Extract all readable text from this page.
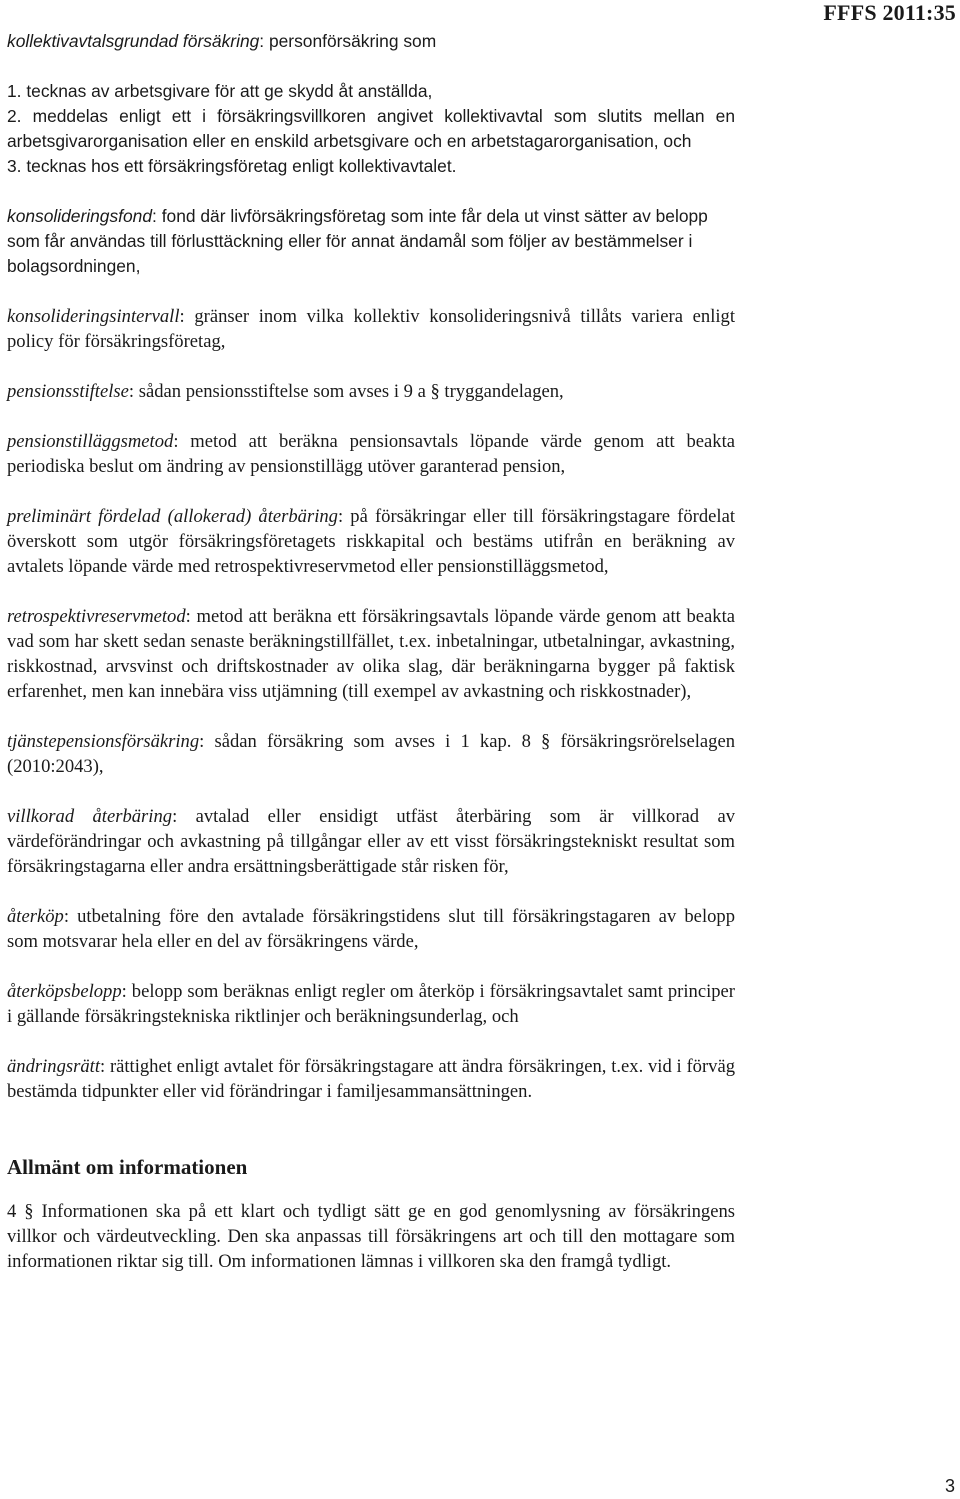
FFFS 2011:35
kollektivavtalsgrundad försäkring: personförsäkring som
1. tecknas av arbetsgivare för att ge skydd åt anställda,
2. meddelas enligt ett i försäkringsvillkoren angivet kollektivavtal som slutits mellan en arbetsgivarorganisation eller en enskild arbetsgivare och en arbetstagarorganisation, och
3. tecknas hos ett försäkringsföretag enligt kollektivavtalet.
konsolideringsfond: fond där livförsäkringsföretag som inte får dela ut vinst sätter av belopp som får användas till förlusttäckning eller för annat ändamål som följer av bestämmelser i bolagsordningen,
konsolideringsintervall: gränser inom vilka kollektiv konsolideringsnivå tillåts variera enligt policy för försäkringsföretag,
pensionsstiftelse: sådan pensionsstiftelse som avses i 9 a § tryggandelagen,
pensionstilläggsmetod: metod att beräkna pensionsavtals löpande värde genom att beakta periodiska beslut om ändring av pensionstillägg utöver garanterad pension,
preliminärt fördelad (allokerad) återbäring: på försäkringar eller till försäkringstagare fördelat överskott som utgör försäkringsföretagets riskkapital och bestäms utifrån en beräkning av avtalets löpande värde med retrospektivreservmetod eller pensionstilläggsmetod,
retrospektivreservmetod: metod att beräkna ett försäkringsavtals löpande värde genom att beakta vad som har skett sedan senaste beräkningstillfället, t.ex. inbetalningar, utbetalningar, avkastning, riskkostnad, arvsvinst och driftskostnader av olika slag, där beräkningarna bygger på faktisk erfarenhet, men kan innebära viss utjämning (till exempel av avkastning och riskkostnader),
tjänstepensionsförsäkring: sådan försäkring som avses i 1 kap. 8 § försäkringsrörelselagen (2010:2043),
villkorad återbäring: avtalad eller ensidigt utfäst återbäring som är villkorad av värdeförändringar och avkastning på tillgångar eller av ett visst försäkringstekniskt resultat som försäkringstagarna eller andra ersättningsberättigade står risken för,
återköp: utbetalning före den avtalade försäkringstidens slut till försäkringstagaren av belopp som motsvarar hela eller en del av försäkringens värde,
återköpsbelopp: belopp som beräknas enligt regler om återköp i försäkringsavtalet samt principer i gällande försäkringstekniska riktlinjer och beräkningsunderlag, och
ändringsrätt: rättighet enligt avtalet för försäkringstagare att ändra försäkringen, t.ex. vid i förväg bestämda tidpunkter eller vid förändringar i familjesammansättningen.
Allmänt om informationen
4 § Informationen ska på ett klart och tydligt sätt ge en god genomlysning av försäkringens villkor och värdeutveckling. Den ska anpassas till försäkringens art och till den mottagare som informationen riktar sig till. Om informationen lämnas i villkoren ska den framgå tydligt.
3
